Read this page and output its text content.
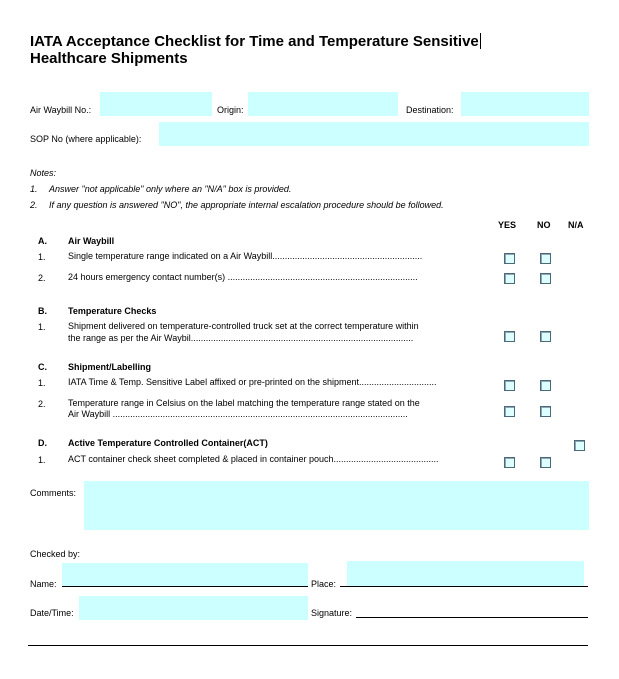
IATA Acceptance Checklist for Time and Temperature Sensitive
Healthcare Shipments
Air Waybill No.:	Origin:	Destination:
SOP No (where applicable):
Notes:
1. Answer "not applicable" only where an "N/A" box is provided.
2. If any question is answered "NO", the appropriate internal escalation procedure should be followed.
YES NO N/A
A. Air Waybill
1. Single temperature range indicated on a Air Waybill............................................................
2. 24 hours emergency contact number(s) ............................................................................
B. Temperature Checks
1. Shipment delivered on temperature-controlled truck set at the correct temperature within
the range as per the Air Waybil.........................................................................................
C. Shipment/Labelling
1. IATA Time & Temp. Sensitive Label affixed or pre-printed on the shipment...............................
2. Temperature range in Celsius on the label matching the temperature range stated on the
Air Waybill ......................................................................................................................
D. Active Temperature Controlled Container(ACT)
1. ACT container check sheet completed & placed in container pouch..........................................
Comments:
Checked by:
Name:	Place:
Date/Time:	Signature:
